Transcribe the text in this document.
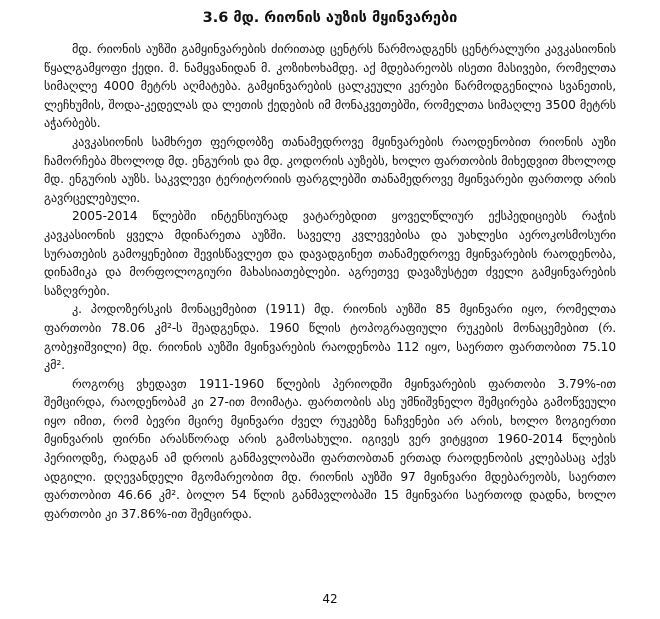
3.6 მდ. რიონის აუზის მყინვარები

მდ. რიონის აუზში გამყინვარების ძირითად ცენტრს წარმოადგენს ცენტრალური კავკასიონის წყალგამყოფი ქედი. მ. ნამყვანიდან მ. კოზიხოხამდე. აქ მდებარეობს ისეთი მასივები, რომელთა სიმაღლე 4000 მეტრს აღმატება. გამყინვარების ცალკეული კერები წარმოდგენილია სვანეთის, ლეჩხუმის, შოდა-კედელას და ლეთის ქედების იმ მონაკვეთებში, რომელთა სიმაღლე 3500 მეტრს აჭარბებს.

კავკასიონის სამხრეთ ფერდობზე თანამედროვე მყინვარების რაოდენობით რიონის აუზი ჩამორჩება მხოლოდ მდ. ენგურის და მდ. კოდორის აუზებს, ხოლო ფართობის მიხედვით მხოლოდ მდ. ენგურის აუზს. საკვლევი ტერიტორიის ფარგლებში თანამედროვე მყინვარები ფართოდ არის გავრცელებული.

2005-2014 წლებში ინტენსიურად ვატარებდით ყოველწლიურ ექსპედიციებს რაჭის კავკასიონის ყველა მდინარეთა აუზში. საველე კვლევებისა და უახლესი აეროკოსმოსური სურათების გამოყენებით შევისწავლეთ და დავადგინეთ თანამედროვე მყინვარების რაოდენობა, დინამიკა და მორფოლოგიური მახასიათებლები. აგრეთვე დავაზუსტეთ ძველი გამყინვარების საზღვრები.

კ. პოდოზერსკის მონაცემებით (1911) მდ. რიონის აუზში 85 მყინვარი იყო, რომელთა ფართობი 78.06 კმ²-ს შეადგენდა. 1960 წლის ტოპოგრაფიული რუკების მონაცემებით (რ. გობეჯიშვილი) მდ. რიონის აუზში მყინვარების რაოდენობა 112 იყო, საერთო ფართობით 75.10 კმ².

როგორც ვხედავთ 1911-1960 წლების პერიოდში მყინვარების ფართობი 3.79%-ით შემცირდა, რაოდენობამ კი 27-ით მოიმატა. ფართობის ასე უმნიშვნელო შემცირება გამოწვეული იყო იმით, რომ ბევრი მცირე მყინვარი ძველ რუკებზე ნაჩვენები არ არის, ხოლო ზოგიერთი მყინვარის ფირნი არასწორად არის გამოსახული. იგივეს ვერ ვიტყვით 1960-2014 წლების პერიოდზე, რადგან ამ დროის განმავლობაში ფართობთან ერთად რაოდენობის კლებასაც აქვს ადგილი. დღევანდელი მგომარეობით მდ. რიონის აუზში 97 მყინვარი მდებარეობს, საერთო ფართობით 46.66 კმ². ბოლო 54 წლის განმავლობაში 15 მყინვარი საერთოდ დადნა, ხოლო ფართობი კი 37.86%-ით შემცირდა.

42
